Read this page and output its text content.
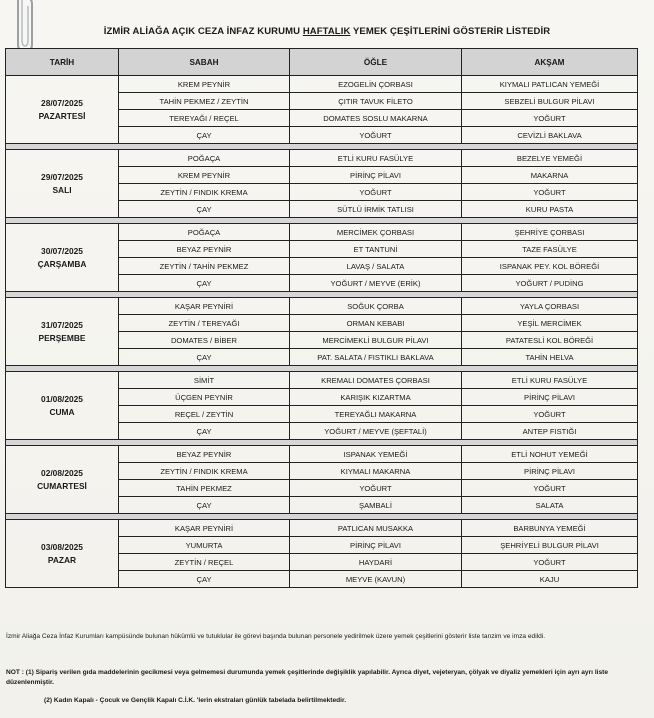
İZMİR ALİAĞA AÇIK CEZA İNFAZ KURUMU HAFTALIK YEMEK ÇEŞİTLERİNİ GÖSTERİR LİSTEDİR
TARİH	SABAH	ÖĞLE	AKŞAM

28/07/2025
PAZARTESİ	KREM PEYNİR	EZOGELİN ÇORBASI	KIYMALI PATLICAN YEMEĞİ
	TAHİN PEKMEZ / ZEYTİN	ÇITIR TAVUK FİLETO	SEBZELİ BULGUR PİLAVI
	TEREYAĞI / REÇEL	DOMATES SOSLU MAKARNA	YOĞURT
	ÇAY	YOĞURT	CEVİZLİ BAKLAVA

29/07/2025
SALI	POĞAÇA	ETLİ KURU FASÜLYE	BEZELYE YEMEĞİ
	KREM PEYNİR	PİRİNÇ PİLAVI	MAKARNA
	ZEYTİN / FINDIK KREMA	YOĞURT	YOĞURT
	ÇAY	SÜTLÜ İRMİK TATLISI	KURU PASTA

30/07/2025
ÇARŞAMBA	POĞAÇA	MERCİMEK ÇORBASI	ŞEHRİYE ÇORBASI
	BEYAZ PEYNİR	ET TANTUNİ	TAZE FASÜLYE
	ZEYTİN / TAHİN PEKMEZ	LAVAŞ / SALATA	ISPANAK PEY. KOL BÖREĞİ
	ÇAY	YOĞURT / MEYVE (ERİK)	YOĞURT / PUDİNG

31/07/2025
PERŞEMBE	KAŞAR PEYNİRİ	SOĞUK ÇORBA	YAYLA ÇORBASI
	ZEYTİN / TEREYAĞI	ORMAN KEBABI	YEŞİL MERCİMEK
	DOMATES / BİBER	MERCİMEKLİ BULGUR PİLAVI	PATATESLİ KOL BÖREĞİ
	ÇAY	PAT. SALATA / FISTIKLI BAKLAVA	TAHİN HELVA

01/08/2025
CUMA	SİMİT	KREMALI DOMATES ÇORBASI	ETLİ KURU FASÜLYE
	ÜÇGEN PEYNİR	KARIŞIK KIZARTMA	PİRİNÇ PİLAVI
	REÇEL / ZEYTİN	TEREYAĞLI MAKARNA	YOĞURT
	ÇAY	YOĞURT / MEYVE (ŞEFTALİ)	ANTEP FISTIĞI

02/08/2025
CUMARTESİ	BEYAZ PEYNİR	ISPANAK YEMEĞİ	ETLİ NOHUT YEMEĞİ
	ZEYTİN / FINDIK KREMA	KIYMALI MAKARNA	PİRİNÇ PİLAVI
	TAHİN PEKMEZ	YOĞURT	YOĞURT
	ÇAY	ŞAMBALİ	SALATA

03/08/2025
PAZAR	KAŞAR PEYNİRİ	PATLICAN MUSAKKA	BARBUNYA YEMEĞİ
	YUMURTA	PİRİNÇ PİLAVI	ŞEHRİYELİ BULGUR PİLAVI
	ZEYTİN / REÇEL	HAYDARİ	YOĞURT
	ÇAY	MEYVE (KAVUN)	KAJU
İzmir Aliağa Ceza İnfaz Kurumları kampüsünde bulunan hükümlü ve tutuklular ile görevi başında bulunan personele yedirilmek üzere yemek çeşitlerini gösterir liste tanzim ve imza edildi.
NOT : (1) Sipariş verilen gıda maddelerinin gecikmesi veya gelmemesi durumunda yemek çeşitlerinde değişiklik yapılabilir. Ayrıca diyet, vejeteryan, çölyak ve diyaliz yemekleri için ayrı ayrı liste düzenlenmiştir.
(2) Kadın Kapalı - Çocuk ve Gençlik Kapalı C.İ.K. 'lerin ekstraları günlük tabelada belirtilmektedir.
